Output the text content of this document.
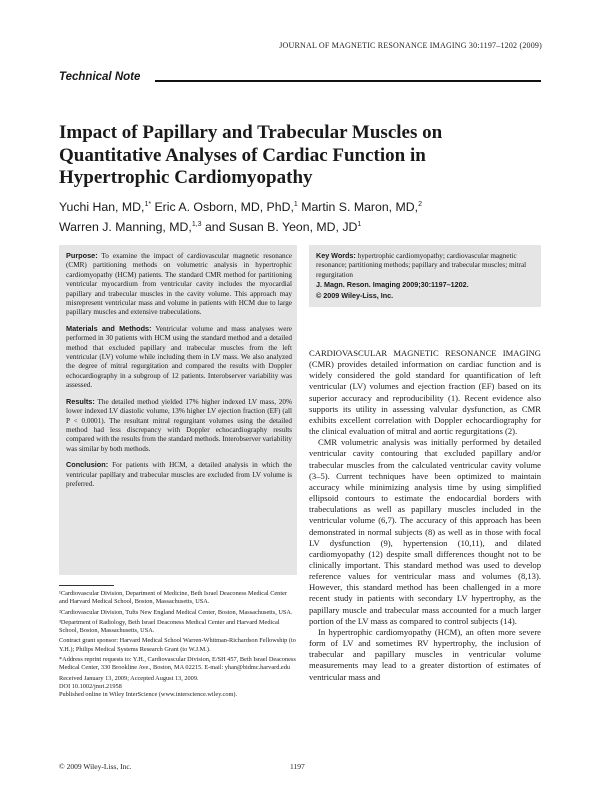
JOURNAL OF MAGNETIC RESONANCE IMAGING 30:1197–1202 (2009)
Technical Note
Impact of Papillary and Trabecular Muscles on Quantitative Analyses of Cardiac Function in Hypertrophic Cardiomyopathy
Yuchi Han, MD,$^{1*}$ Eric A. Osborn, MD, PhD,$^1$ Martin S. Maron, MD,$^2$
Warren J. Manning, MD,$^{1,3}$ and Susan B. Yeon, MD, $JD^1$

Purpose: To examine the impact of cardiovascular magnetic resonance (CMR) partitioning methods on volumetric analysis in hypertrophic cardiomyopathy (HCM) patients. The standard CMR method for partitioning ventricular myocardium from ventricular cavity includes the myocardial papillary and trabecular muscles in the cavity volume. This approach may misrepresent ventricular mass and volume in patients with HCM due to large papillary muscles and extensive trabeculations.

Materials and Methods: Ventricular volume and mass analyses were performed in 30 patients with HCM using the standard method and a detailed method that excluded papillary and trabecular muscles from the left ventricular (LV) volume while including them in LV mass. We also analyzed the degree of mitral regurgitation and compared the results with Doppler echocardiography in a subgroup of 12 patients. Interobserver variability was assessed.

Results: The detailed method yielded 17% higher indexed LV mass, 20% lower indexed LV diastolic volume, 13% higher LV ejection fraction (EF) (all P < 0.0001). The resultant mitral regurgitant volumes using the detailed method had less discrepancy with Doppler echocardiography results compared with the results from the standard methods. Interobserver variability was similar by both methods.

Conclusion: For patients with HCM, a detailed analysis in which the ventricular papillary and trabecular muscles are excluded from LV volume is preferred.

Key Words: hypertrophic cardiomyopathy; cardiovascular magnetic resonance; partitioning methods; papillary and trabecular muscles; mitral regurgitation

J. Magn. Reson. Imaging 2009;30:1197–1202.

© 2009 Wiley-Liss, Inc.

CARDIOVASCULAR MAGNETIC RESONANCE IMAGING (CMR) provides detailed information on cardiac function and is widely considered the gold standard for quantification of left ventricular (LV) volumes and ejection fraction (EF) based on its superior accuracy and reproducibility (1). Recent evidence also supports its utility in assessing valvular dysfunction, as CMR exhibits excellent correlation with Doppler echocardiography for the clinical evaluation of mitral and aortic regurgitations (2).

CMR volumetric analysis was initially performed by detailed ventricular cavity contouring that excluded papillary and/or trabecular muscles from the calculated ventricular cavity volume (3–5). Current techniques have been optimized to maintain accuracy while minimizing analysis time by using simplified ellipsoid contours to estimate the endocardial borders with trabeculations as well as papillary muscles included in the ventricular volume (6,7). The accuracy of this approach has been demonstrated in normal subjects (8) as well as in those with focal LV dysfunction (9), hypertension (10,11), and dilated cardiomyopathy (12) despite small differences thought not to be clinically important. This standard method was used to develop reference values for ventricular mass and volumes (8,13). However, this standard method has been challenged in a more recent study in patients with secondary LV hypertrophy, as the papillary muscle and trabecular mass accounted for a much larger portion of the LV mass as compared to control subjects (14).

In hypertrophic cardiomyopathy (HCM), an often more severe form of LV and sometimes RV hypertrophy, the inclusion of trabecular and papillary muscles in ventricular volume measurements may lead to a greater distortion of estimates of ventricular mass and

¹Cardiovascular Division, Department of Medicine, Beth Israel Deaconess Medical Center and Harvard Medical School, Boston, Massachusetts, USA.

²Cardiovascular Division, Tufts New England Medical Center, Boston, Massachusetts, USA.

³Department of Radiology, Beth Israel Deaconess Medical Center and Harvard Medical School, Boston, Massachusetts, USA.

Contract grant sponsor: Harvard Medical School Warren-Whitman-Richardson Fellowship (to Y.H.); Philips Medical Systems Research Grant (to W.J.M.).

*Address reprint requests to: Y.H., Cardiovascular Division, E/SH 457, Beth Israel Deaconess Medical Center, 330 Brookline Ave., Boston, MA 02215. E-mail: yhan@bidmc.harvard.edu

Received January 13, 2009; Accepted August 13, 2009.

DOI 10.1002/jmri.21958

Published online in Wiley InterScience (www.interscience.wiley.com).

© 2009 Wiley-Liss, Inc.	1197
